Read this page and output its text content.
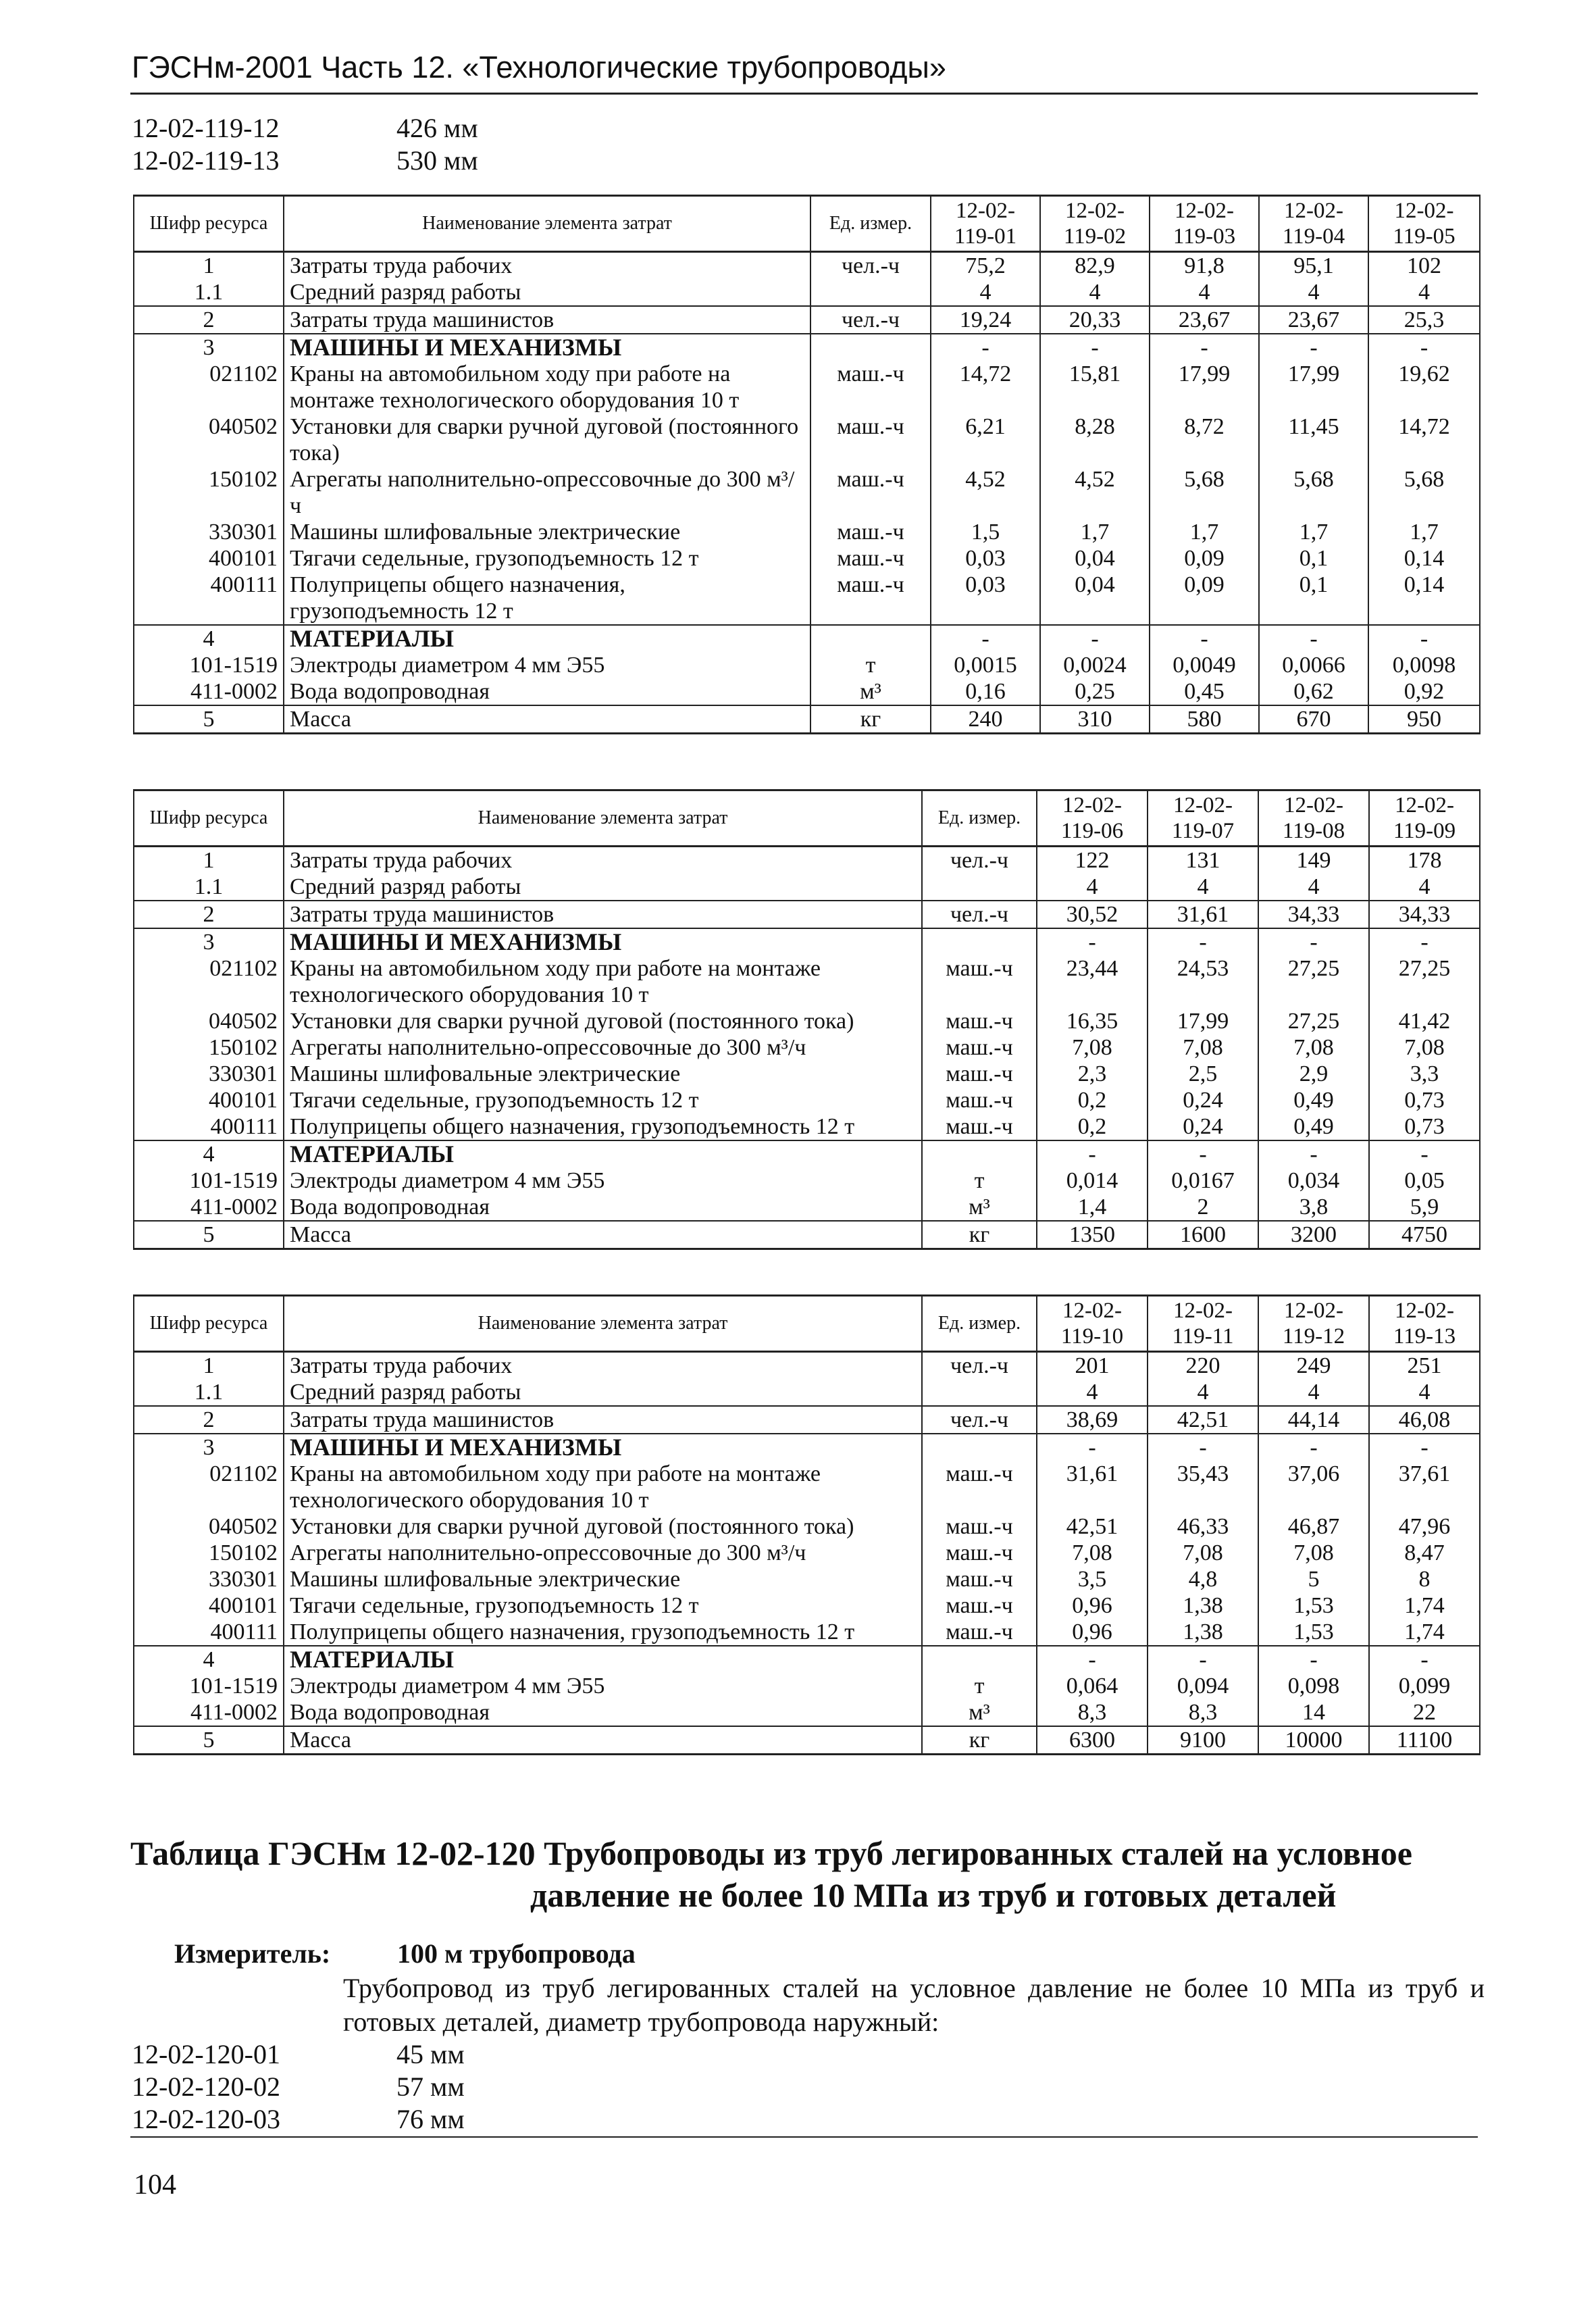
ГЭСНм-2001 Часть 12. «Технологические трубопроводы»
12-02-119-12	426 мм
12-02-119-13	530 мм
Шифр ресурса	Наименование элемента затрат	Ед. измер.	12-02-119-01	12-02-119-02	12-02-119-03	12-02-119-04	12-02-119-05
1	Затраты труда рабочих	чел.-ч	75,2	82,9	91,8	95,1	102
1.1	Средний разряд работы		4	4	4	4	4
2	Затраты труда машинистов	чел.-ч	19,24	20,33	23,67	23,67	25,3
3	МАШИНЫ И МЕХАНИЗМЫ		-	-	-	-	-
021102	Краны на автомобильном ходу при работе на монтаже технологического оборудования 10 т	маш.-ч	14,72	15,81	17,99	17,99	19,62
040502	Установки для сварки ручной дуговой (постоянного тока)	маш.-ч	6,21	8,28	8,72	11,45	14,72
150102	Агрегаты наполнительно-опрессовочные до 300 м³/ч	маш.-ч	4,52	4,52	5,68	5,68	5,68
330301	Машины шлифовальные электрические	маш.-ч	1,5	1,7	1,7	1,7	1,7
400101	Тягачи седельные, грузоподъемность 12 т	маш.-ч	0,03	0,04	0,09	0,1	0,14
400111	Полуприцепы общего назначения, грузоподъемность 12 т	маш.-ч	0,03	0,04	0,09	0,1	0,14
4	МАТЕРИАЛЫ		-	-	-	-	-
101-1519	Электроды диаметром 4 мм Э55	т	0,0015	0,0024	0,0049	0,0066	0,0098
411-0002	Вода водопроводная	м³	0,16	0,25	0,45	0,62	0,92
5	Масса	кг	240	310	580	670	950
Шифр ресурса	Наименование элемента затрат	Ед. измер.	12-02-119-06	12-02-119-07	12-02-119-08	12-02-119-09
1	Затраты труда рабочих	чел.-ч	122	131	149	178
1.1	Средний разряд работы		4	4	4	4
2	Затраты труда машинистов	чел.-ч	30,52	31,61	34,33	34,33
3	МАШИНЫ И МЕХАНИЗМЫ		-	-	-	-
021102	Краны на автомобильном ходу при работе на монтаже технологического оборудования 10 т	маш.-ч	23,44	24,53	27,25	27,25
040502	Установки для сварки ручной дуговой (постоянного тока)	маш.-ч	16,35	17,99	27,25	41,42
150102	Агрегаты наполнительно-опрессовочные до 300 м³/ч	маш.-ч	7,08	7,08	7,08	7,08
330301	Машины шлифовальные электрические	маш.-ч	2,3	2,5	2,9	3,3
400101	Тягачи седельные, грузоподъемность 12 т	маш.-ч	0,2	0,24	0,49	0,73
400111	Полуприцепы общего назначения, грузоподъемность 12 т	маш.-ч	0,2	0,24	0,49	0,73
4	МАТЕРИАЛЫ		-	-	-	-
101-1519	Электроды диаметром 4 мм Э55	т	0,014	0,0167	0,034	0,05
411-0002	Вода водопроводная	м³	1,4	2	3,8	5,9
5	Масса	кг	1350	1600	3200	4750
Шифр ресурса	Наименование элемента затрат	Ед. измер.	12-02-119-10	12-02-119-11	12-02-119-12	12-02-119-13
1	Затраты труда рабочих	чел.-ч	201	220	249	251
1.1	Средний разряд работы		4	4	4	4
2	Затраты труда машинистов	чел.-ч	38,69	42,51	44,14	46,08
3	МАШИНЫ И МЕХАНИЗМЫ		-	-	-	-
021102	Краны на автомобильном ходу при работе на монтаже технологического оборудования 10 т	маш.-ч	31,61	35,43	37,06	37,61
040502	Установки для сварки ручной дуговой (постоянного тока)	маш.-ч	42,51	46,33	46,87	47,96
150102	Агрегаты наполнительно-опрессовочные до 300 м³/ч	маш.-ч	7,08	7,08	7,08	8,47
330301	Машины шлифовальные электрические	маш.-ч	3,5	4,8	5	8
400101	Тягачи седельные, грузоподъемность 12 т	маш.-ч	0,96	1,38	1,53	1,74
400111	Полуприцепы общего назначения, грузоподъемность 12 т	маш.-ч	0,96	1,38	1,53	1,74
4	МАТЕРИАЛЫ		-	-	-	-
101-1519	Электроды диаметром 4 мм Э55	т	0,064	0,094	0,098	0,099
411-0002	Вода водопроводная	м³	8,3	8,3	14	22
5	Масса	кг	6300	9100	10000	11100
Таблица ГЭСНм 12-02-120 Трубопроводы из труб легированных сталей на условное
давление не более 10 МПа из труб и готовых деталей
Измеритель: 100 м трубопровода
Трубопровод из труб легированных сталей на условное давление не более 10 МПа из труб и готовых деталей, диаметр трубопровода наружный:
12-02-120-01	45 мм
12-02-120-02	57 мм
12-02-120-03	76 мм
104
